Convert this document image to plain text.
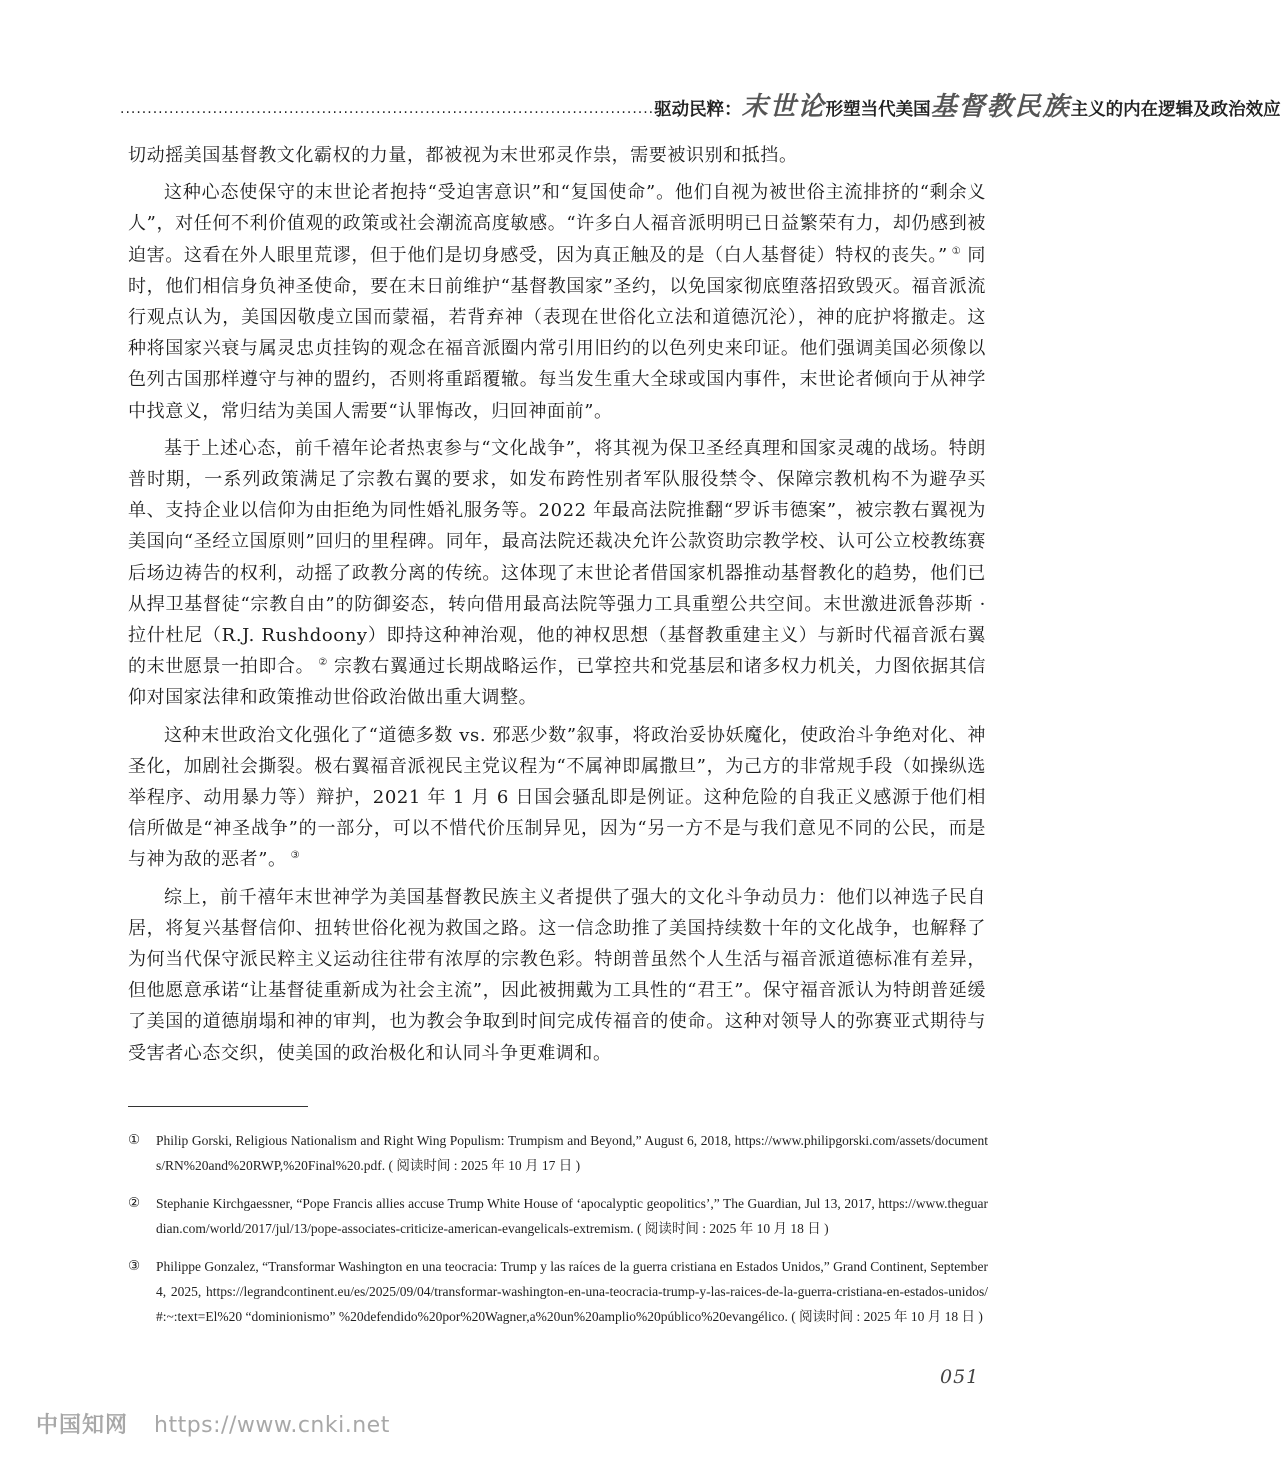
.................................................................................................. 驱动民粹：末世论形塑当代美国基督教民族主义的内在逻辑及政治效应

切动摇美国基督教文化霸权的力量，都被视为末世邪灵作祟，需要被识别和抵挡。

这种心态使保守的末世论者抱持“受迫害意识”和“复国使命”。他们自视为被世俗主流排挤的“剩余义人”，对任何不利价值观的政策或社会潮流高度敏感。“许多白人福音派明明已日益繁荣有力，却仍感到被迫害。这看在外人眼里荒谬，但于他们是切身感受，因为真正触及的是（白人基督徒）特权的丧失。” ① 同时，他们相信身负神圣使命，要在末日前维护“基督教国家”圣约，以免国家彻底堕落招致毁灭。福音派流行观点认为，美国因敬虔立国而蒙福，若背弃神（表现在世俗化立法和道德沉沦），神的庇护将撤走。这种将国家兴衰与属灵忠贞挂钩的观念在福音派圈内常引用旧约的以色列史来印证。他们强调美国必须像以色列古国那样遵守与神的盟约，否则将重蹈覆辙。每当发生重大全球或国内事件，末世论者倾向于从神学中找意义，常归结为美国人需要“认罪悔改，归回神面前”。

基于上述心态，前千禧年论者热衷参与“文化战争”，将其视为保卫圣经真理和国家灵魂的战场。特朗普时期，一系列政策满足了宗教右翼的要求，如发布跨性别者军队服役禁令、保障宗教机构不为避孕买单、支持企业以信仰为由拒绝为同性婚礼服务等。2022 年最高法院推翻“罗诉韦德案”，被宗教右翼视为美国向“圣经立国原则”回归的里程碑。同年，最高法院还裁决允许公款资助宗教学校、认可公立校教练赛后场边祷告的权利，动摇了政教分离的传统。这体现了末世论者借国家机器推动基督教化的趋势，他们已从捍卫基督徒“宗教自由”的防御姿态，转向借用最高法院等强力工具重塑公共空间。末世激进派鲁莎斯 · 拉什杜尼（R.J. Rushdoony）即持这种神治观，他的神权思想（基督教重建主义）与新时代福音派右翼的末世愿景一拍即合。 ② 宗教右翼通过长期战略运作，已掌控共和党基层和诸多权力机关，力图依据其信仰对国家法律和政策推动世俗政治做出重大调整。

这种末世政治文化强化了“道德多数 vs. 邪恶少数”叙事，将政治妥协妖魔化，使政治斗争绝对化、神圣化，加剧社会撕裂。极右翼福音派视民主党议程为“不属神即属撒旦”，为己方的非常规手段（如操纵选举程序、动用暴力等）辩护，2021 年 1 月 6 日国会骚乱即是例证。这种危险的自我正义感源于他们相信所做是“神圣战争”的一部分，可以不惜代价压制异见，因为“另一方不是与我们意见不同的公民，而是与神为敌的恶者”。 ③

综上，前千禧年末世神学为美国基督教民族主义者提供了强大的文化斗争动员力：他们以神选子民自居，将复兴基督信仰、扭转世俗化视为救国之路。这一信念助推了美国持续数十年的文化战争，也解释了为何当代保守派民粹主义运动往往带有浓厚的宗教色彩。特朗普虽然个人生活与福音派道德标准有差异，但他愿意承诺“让基督徒重新成为社会主流”，因此被拥戴为工具性的“君王”。保守福音派认为特朗普延缓了美国的道德崩塌和神的审判，也为教会争取到时间完成传福音的使命。这种对领导人的弥赛亚式期待与受害者心态交织，使美国的政治极化和认同斗争更难调和。

①	Philip Gorski, Religious Nationalism and Right Wing Populism: Trumpism and Beyond,” August 6, 2018, https://www.philipgorski.com/assets/documents/RN%20and%20RWP,%20Final%20.pdf. ( 阅读时间 : 2025 年 10 月 17 日 )
②	Stephanie Kirchgaessner, “Pope Francis allies accuse Trump White House of ‘apocalyptic geopolitics’,” The Guardian, Jul 13, 2017, https://www.theguardian.com/world/2017/jul/13/pope-associates-criticize-american-evangelicals-extremism. ( 阅读时间 : 2025 年 10 月 18 日 )
③	Philippe Gonzalez, “Transformar Washington en una teocracia: Trump y las raíces de la guerra cristiana en Estados Unidos,” Grand Continent, September 4, 2025, https://legrandcontinent.eu/es/2025/09/04/transformar-washington-en-una-teocracia-trump-y-las-raices-de-la-guerra-cristiana-en-estados-unidos/#:~:text=El%20 “dominionismo” %20defendido%20por%20Wagner,a%20un%20amplio%20público%20evangélico. ( 阅读时间 : 2025 年 10 月 18 日 )
051
中国知网 https://www.cnki.net
